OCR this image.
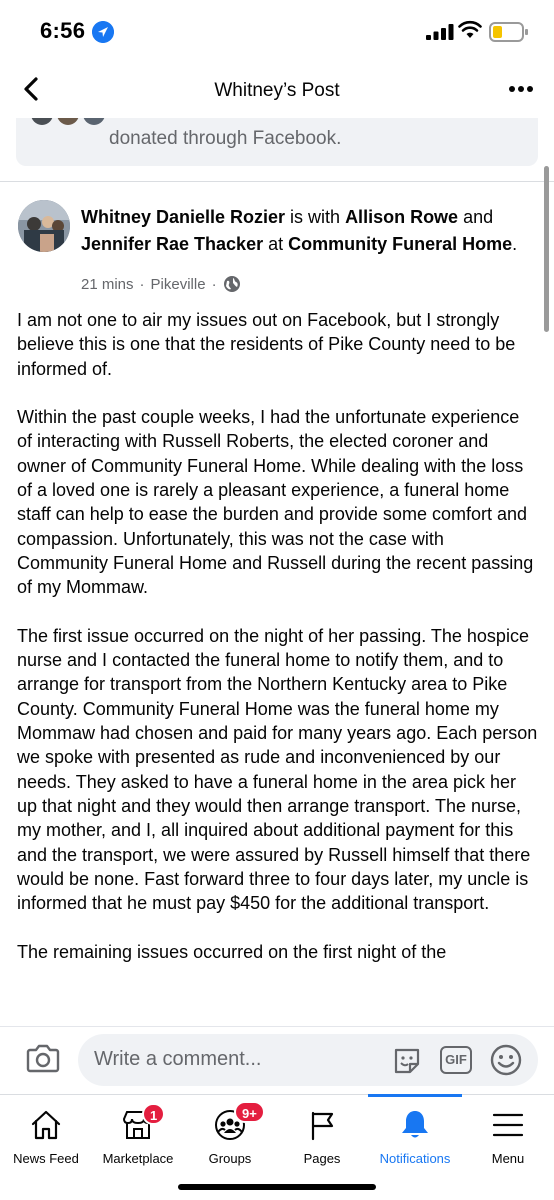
6:56
Whitney’s Post
donated through Facebook.
Whitney Danielle Rozier is with Allison Rowe and Jennifer Rae Thacker at Community Funeral Home.
21 mins · Pikeville ·

I am not one to air my issues out on Facebook, but I strongly believe this is one that the residents of Pike County need to be informed of.

Within the past couple weeks, I had the unfortunate experience of interacting with Russell Roberts, the elected coroner and owner of Community Funeral Home. While dealing with the loss of a loved one is rarely a pleasant experience, a funeral home staff can help to ease the burden and provide some comfort and compassion. Unfortunately, this was not the case with Community Funeral Home and Russell during the recent passing of my Mommaw.

The first issue occurred on the night of her passing. The hospice nurse and I contacted the funeral home to notify them, and to arrange for transport from the Northern Kentucky area to Pike County. Community Funeral Home was the funeral home my Mommaw had chosen and paid for many years ago. Each person we spoke with presented as rude and inconvenienced by our needs. They asked to have a funeral home in the area pick her up that night and they would then arrange transport. The nurse, my mother, and I, all inquired about additional payment for this and the transport, we were assured by Russell himself that there would be none. Fast forward three to four days later, my uncle is informed that he must pay $450 for the additional transport.

The remaining issues occurred on the first night of the

Write a comment...	GIF
News Feed
1
Marketplace
9+
Groups	Pages	Notifications	Menu
